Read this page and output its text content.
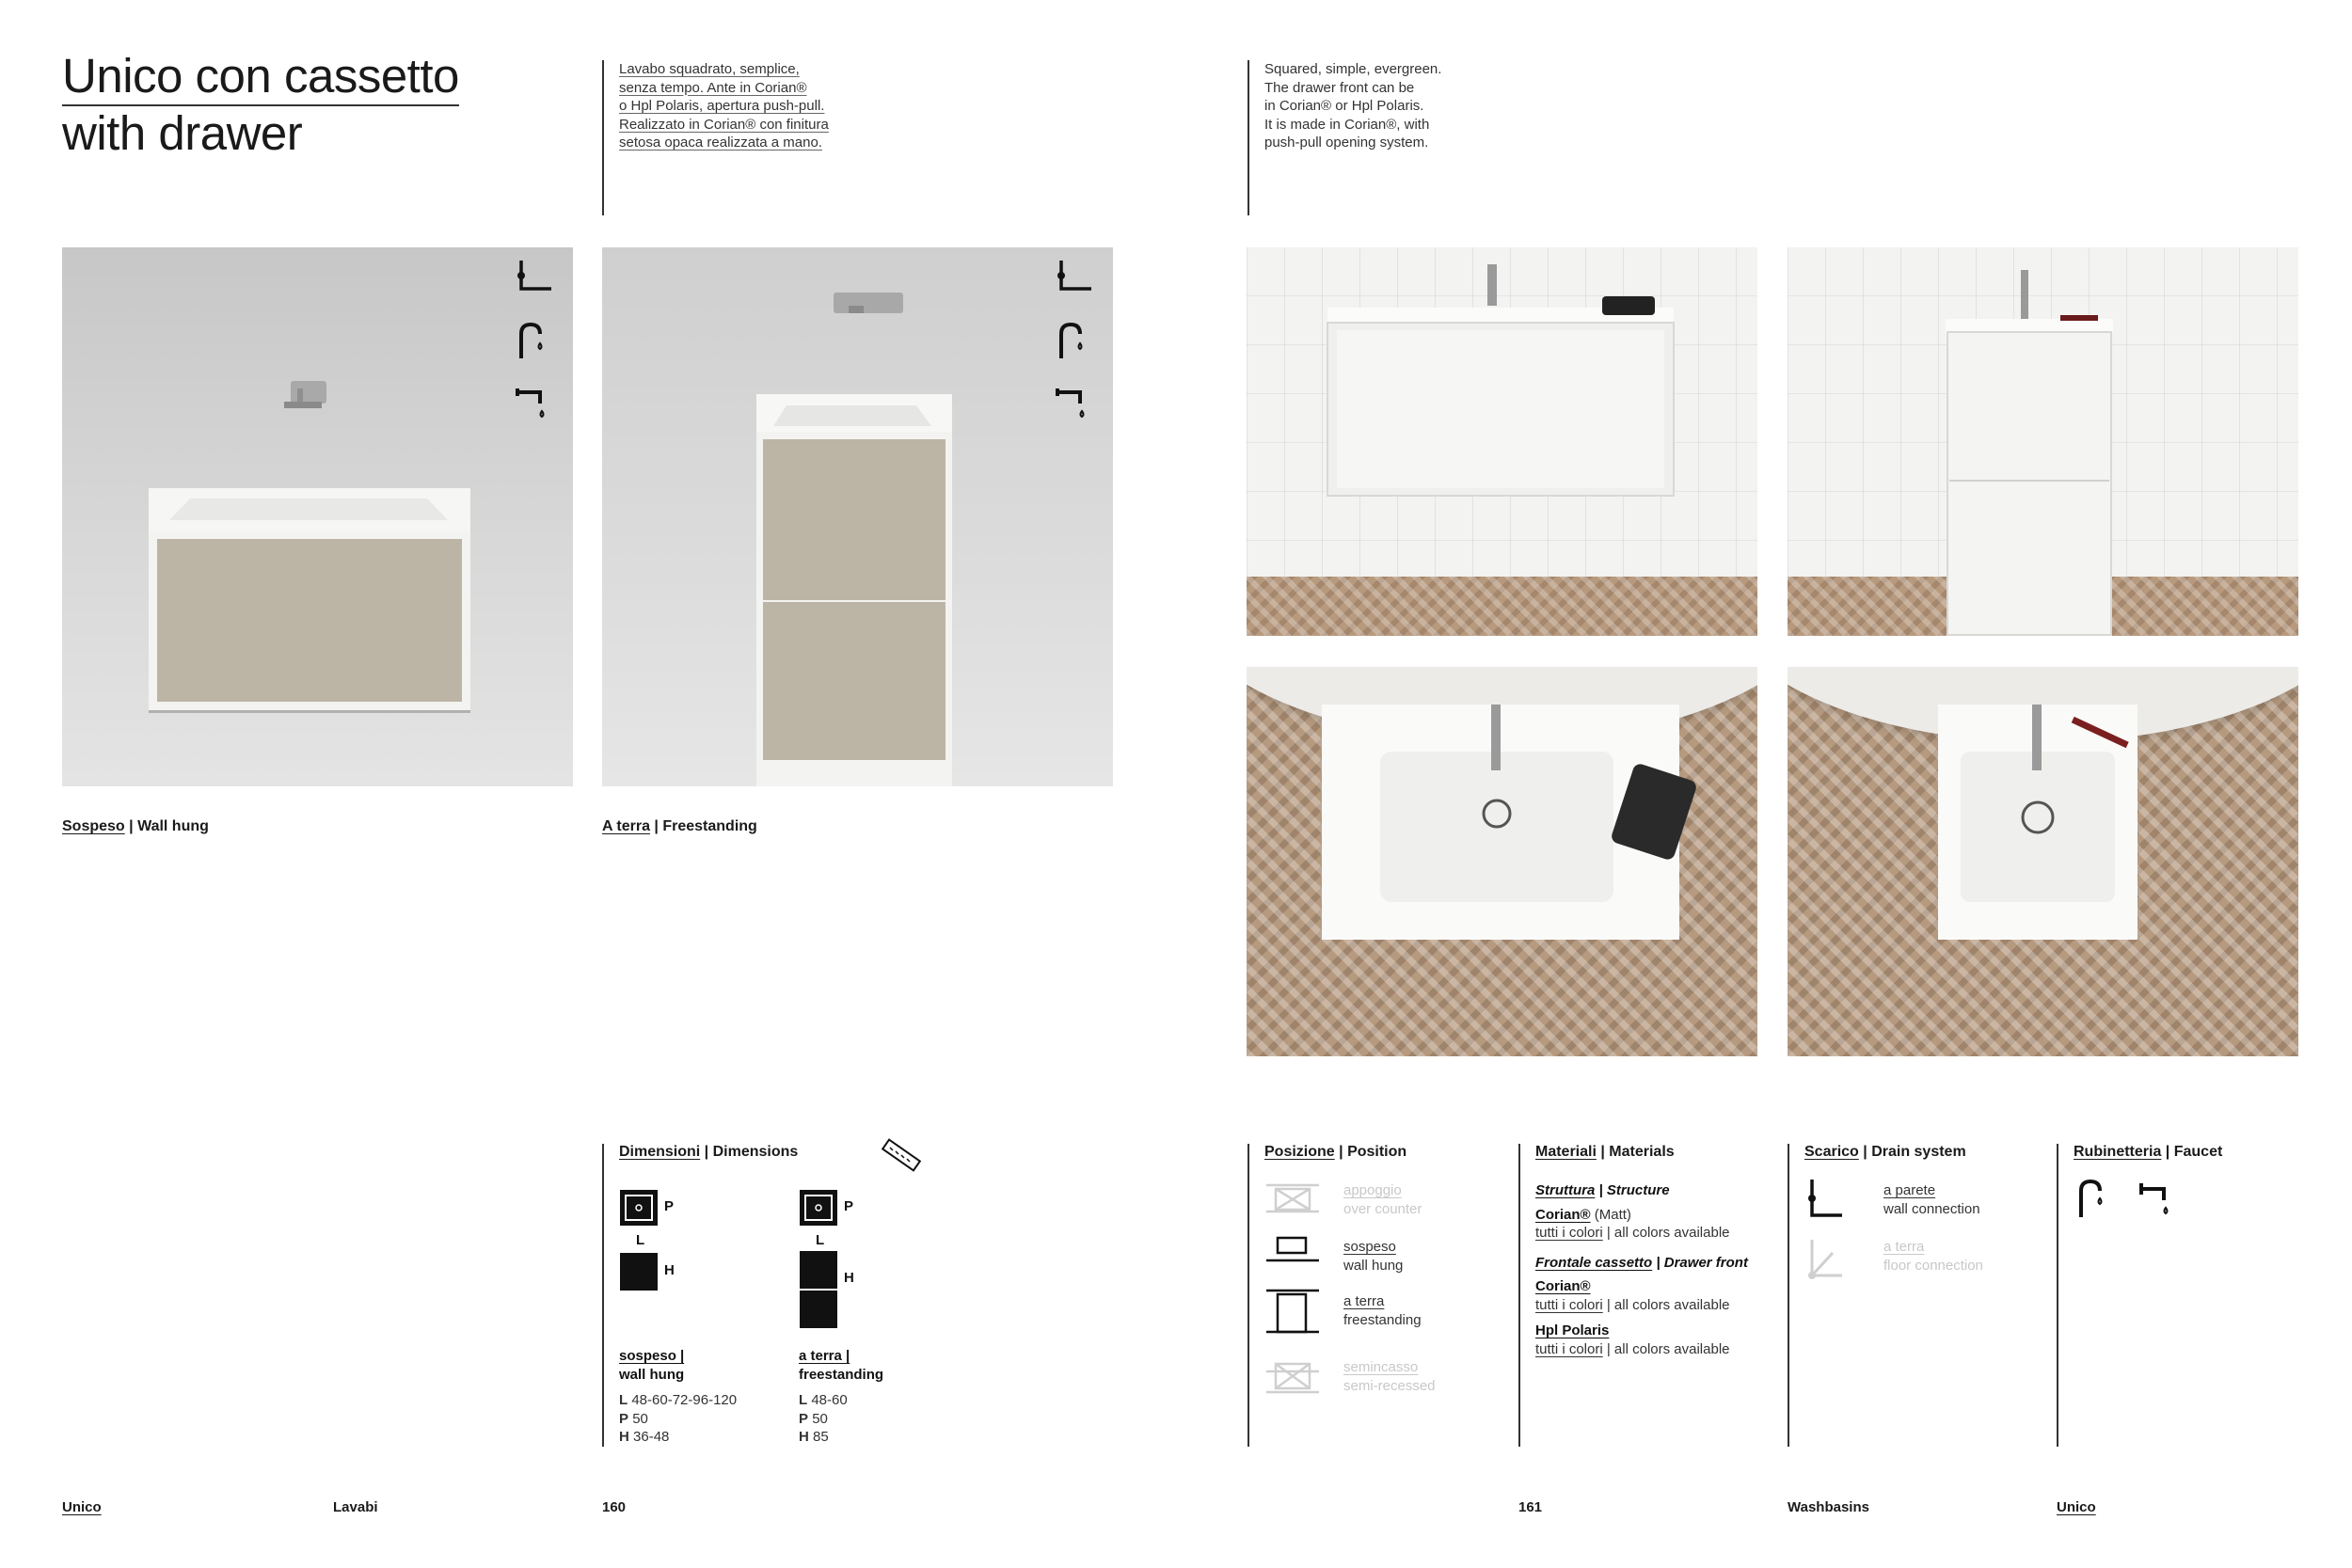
Unico con cassetto
with drawer
Lavabo squadrato, semplice,
senza tempo. Ante in Corian®
o Hpl Polaris, apertura push-pull.
Realizzato in Corian® con finitura
setosa opaca realizzata a mano.
Squared, simple, evergreen.
The drawer front can be
in Corian® or Hpl Polaris.
It is made in Corian®, with
push-pull opening system.
Sospeso | Wall hung	A terra | Freestanding
Dimensioni | Dimensions
P
L
H
P
L
H
sospeso |
wall hung
L 48-60-72-96-120
P 50
H 36-48
a terra |
freestanding
L 48-60
P 50
H 85
Posizione | Position
appoggio
over counter
sospeso
wall hung
a terra
freestanding
semincasso
semi-recessed
Materiali | Materials
Struttura | Structure
Corian® (Matt)
tutti i colori | all colors available
Frontale cassetto | Drawer front
Corian®
tutti i colori | all colors available
Hpl Polaris
tutti i colori | all colors available
Scarico | Drain system
a parete
wall connection
a terra
floor connection
Rubinetteria | Faucet
Unico	Lavabi	160	161	Washbasins	Unico
